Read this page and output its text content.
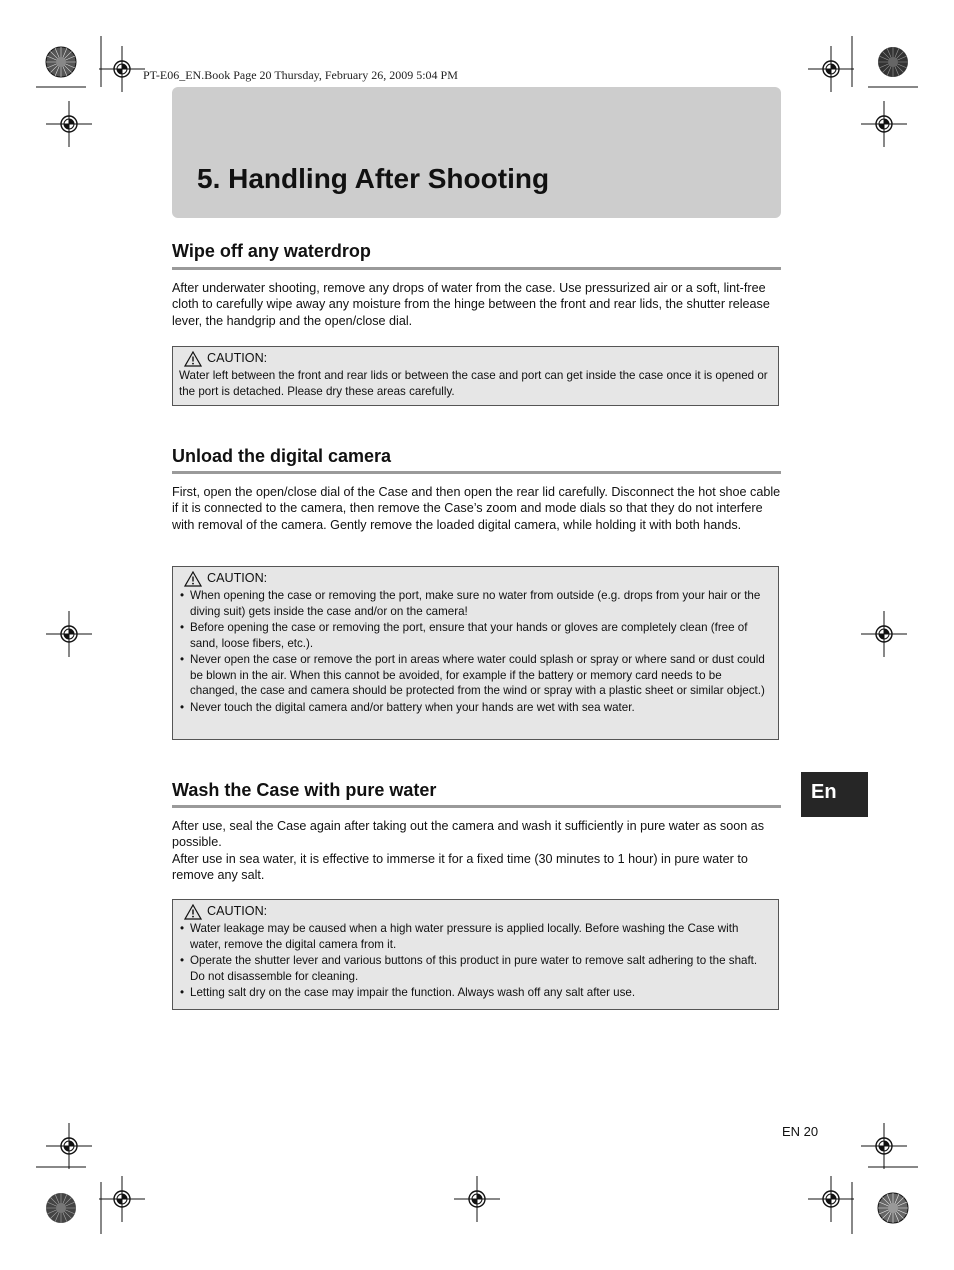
PT-E06_EN.Book Page 20 Thursday, February 26, 2009 5:04 PM
5. Handling After Shooting
Wipe off any waterdrop

After underwater shooting, remove any drops of water from the case. Use pressurized air or a soft, lint-free cloth to carefully wipe away any moisture from the hinge between the front and rear lids, the shutter release lever, the handgrip and the open/close dial.

CAUTION:
Water left between the front and rear lids or between the case and port can get inside the case once it is opened or the port is detached. Please dry these areas carefully.
Unload the digital camera

First, open the open/close dial of the Case and then open the rear lid carefully. Disconnect the hot shoe cable if it is connected to the camera, then remove the Case’s zoom and mode dials so that they do not interfere with removal of the camera. Gently remove the loaded digital camera, while holding it with both hands.

CAUTION:
• When opening the case or removing the port, make sure no water from outside (e.g. drops from your hair or the diving suit) gets inside the case and/or on the camera!
• Before opening the case or removing the port, ensure that your hands or gloves are completely clean (free of sand, loose fibers, etc.).
• Never open the case or remove the port in areas where water could splash or spray or where sand or dust could be blown in the air. When this cannot be avoided, for example if the battery or memory card needs to be changed, the case and camera should be protected from the wind or spray with a plastic sheet or similar object.)
• Never touch the digital camera and/or battery when your hands are wet with sea water.
Wash the Case with pure water

After use, seal the Case again after taking out the camera and wash it sufficiently in pure water as soon as possible.

After use in sea water, it is effective to immerse it for a fixed time (30 minutes to 1 hour) in pure water to remove any salt.

CAUTION:
• Water leakage may be caused when a high water pressure is applied locally. Before washing the Case with water, remove the digital camera from it.
• Operate the shutter lever and various buttons of this product in pure water to remove salt adhering to the shaft. Do not disassemble for cleaning.
• Letting salt dry on the case may impair the function. Always wash off any salt after use.
En
EN 20
